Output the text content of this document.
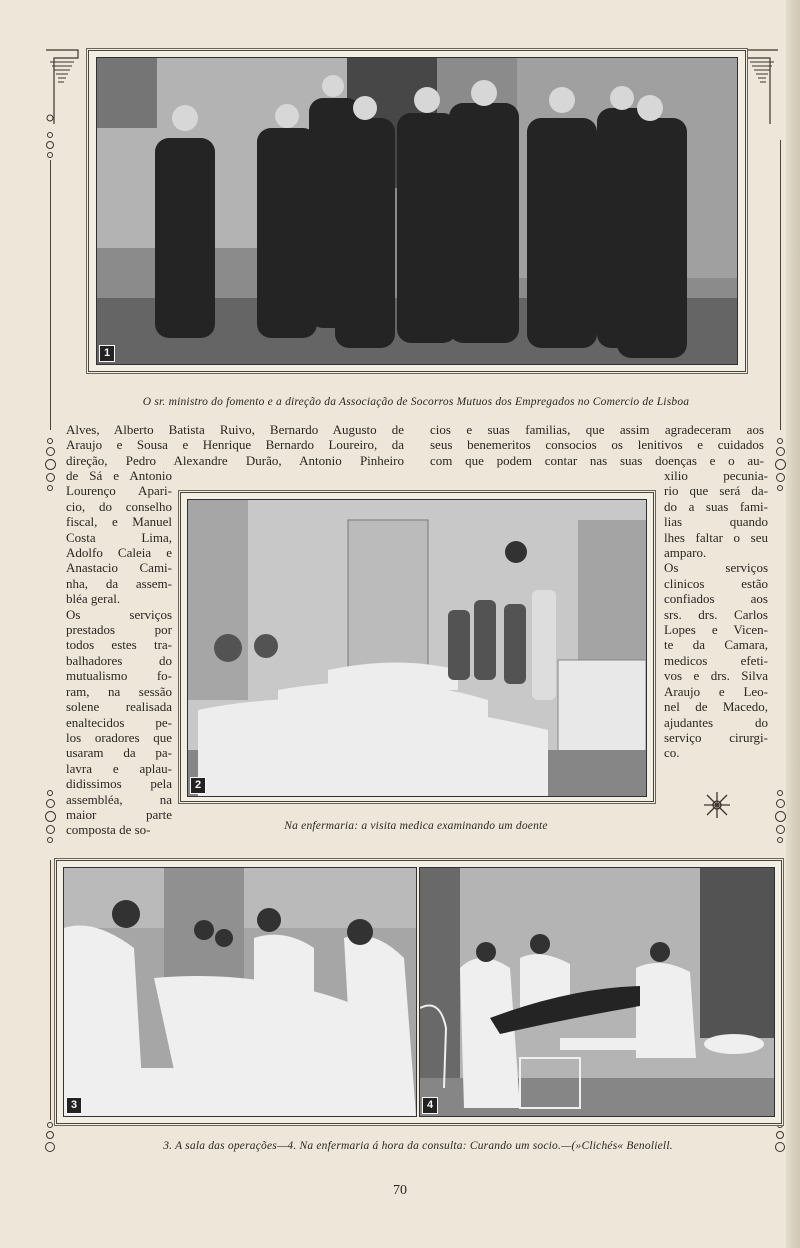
1
O sr. ministro do fomento e a direção da Associação de Socorros Mutuos dos Empregados no Comercio de Lisboa
Alves, Alberto Batista Ruivo, Bernardo Augusto de
Araujo e Sousa e Henrique Bernardo Loureiro, da
direção, Pedro Alexandre Durão, Antonio Pinheiro
cios e suas familias, que assim agradeceram aos
seus benemeritos consocios os lenitivos e cuidados
com que podem contar nas suas doenças e o au-
de Sá e Antonio
Lourenço Apari-
cio, do conselho
fiscal, e Manuel
Costa Lima,
Adolfo Caleia e
Anastacio Cami-
nha, da assem-
bléa geral.
Os serviços
prestados por
todos estes tra-
balhadores do
mutualismo fo-
ram, na sessão
solene realisada
enaltecidos pe-
los oradores que
usaram da pa-
lavra e aplau-
didissimos pela
assembléa, na
maior parte
composta de so-
xilio pecunia-
rio que será da-
do a suas fami-
lias quando
lhes faltar o seu
amparo.
Os serviços
clinicos estão
confiados aos
srs. drs. Carlos
Lopes e Vicen-
te da Camara,
medicos efeti-
vos e drs. Silva
Araujo e Leo-
nel de Macedo,
ajudantes do
serviço cirurgi-
co.
2
Na enfermaria: a visita medica examinando um doente
3	4
3. A sala das operações—4. Na enfermaria á hora da consulta: Curando um socio.—(»Clichés« Benoliell.
70
